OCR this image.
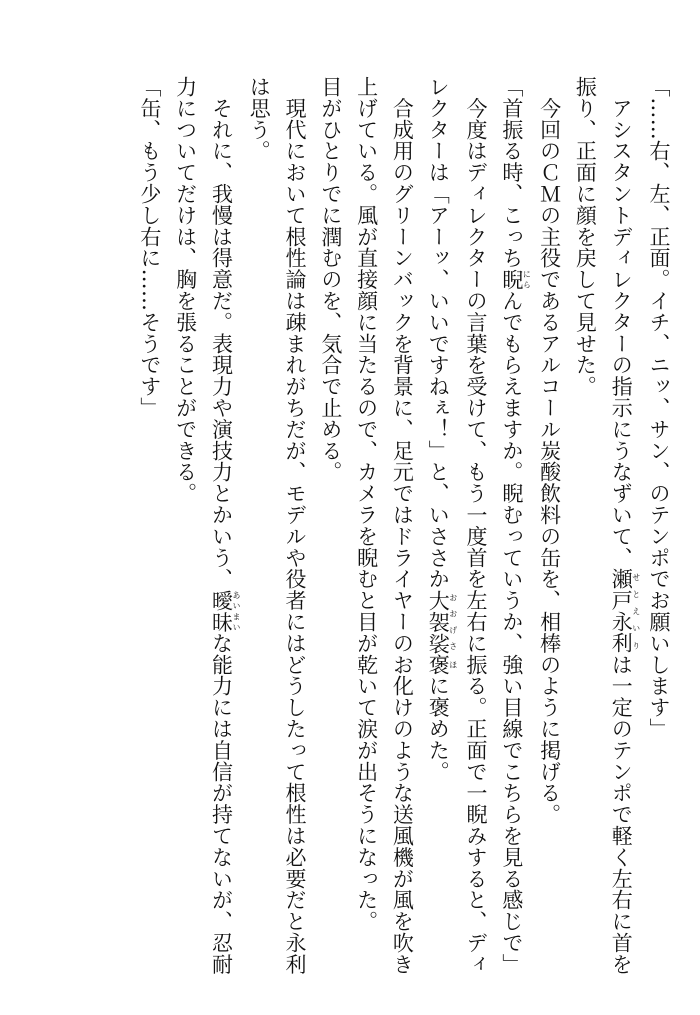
「……右、左、正面。イチ、ニッ、サン、のテンポでお願いします」
　アシスタントディレクターの指示にうなずいて、瀬戸永利せとえいりは一定のテンポで軽く左右に首を
振り、正面に顔を戻して見せた。
　今回のＣＭの主役であるアルコール炭酸飲料の缶を、相棒のように掲げる。
「首振る時、こっち睨にらんでもらえますか。睨むっていうか、強い目線でこちらを見る感じで」
　今度はディレクターの言葉を受けて、もう一度首を左右に振る。正面で一睨みすると、ディ
レクターは「アーッ、いいですねぇ！」と、いささか大袈裟おおげさ褒ほに褒めた。
　合成用のグリーンバックを背景に、足元ではドライヤーのお化けのような送風機が風を吹き
上げている。風が直接顔に当たるので、カメラを睨むと目が乾いて涙が出そうになった。
目がひとりでに潤むのを、気合で止める。
　現代において根性論は疎まれがちだが、モデルや役者にはどうしたって根性は必要だと永利
は思う。
　それに、我慢は得意だ。表現力や演技力とかいう、曖昧あいまいな能力には自信が持てないが、忍耐
力についてだけは、胸を張ることができる。
「缶、もう少し右に……そうです」
